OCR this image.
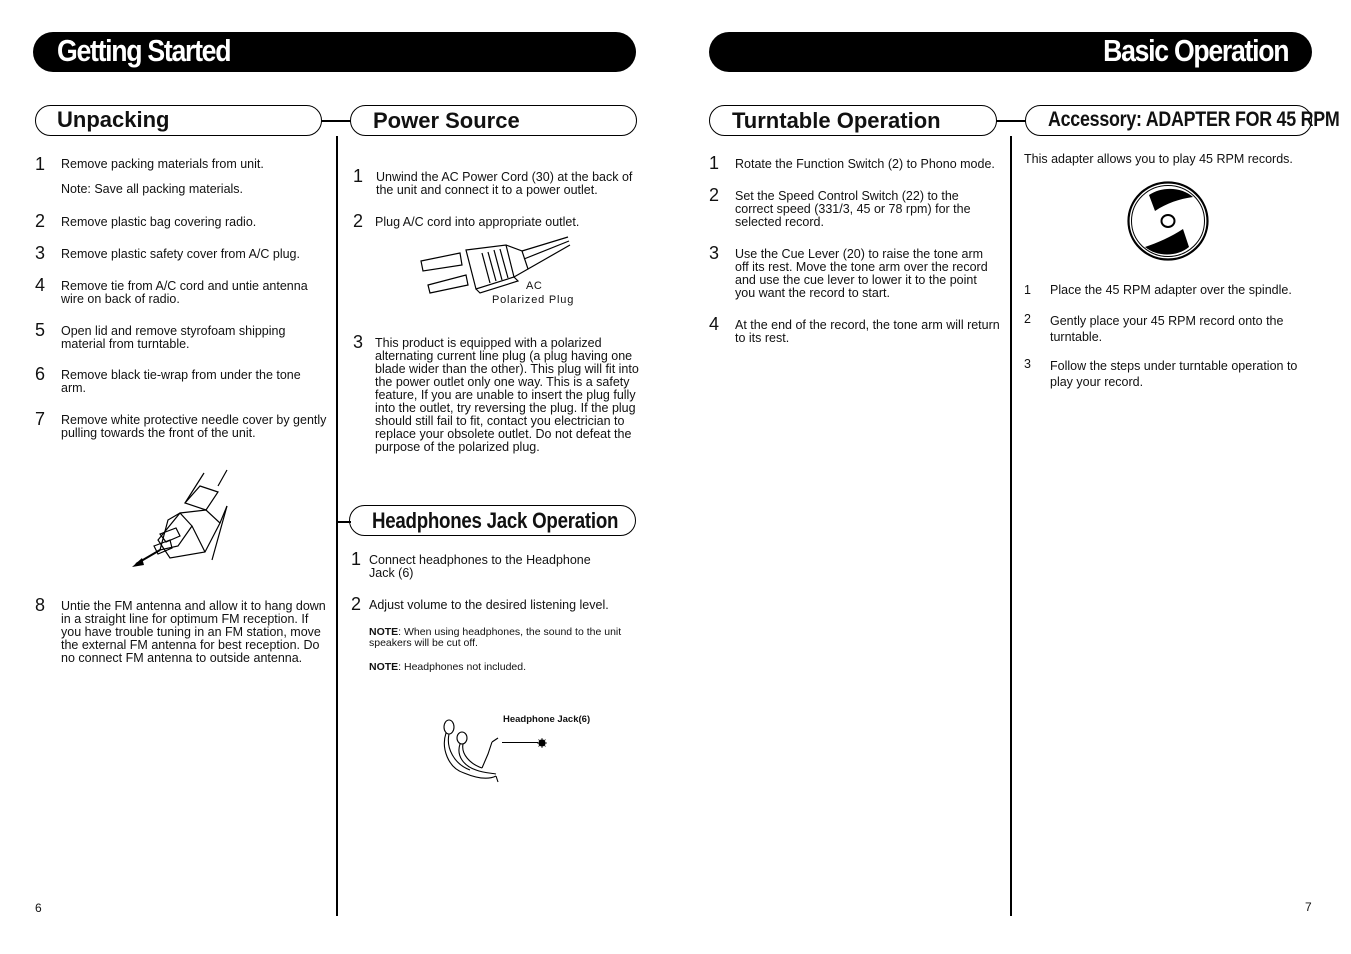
Getting Started
Unpacking
1 Remove packing materials from unit.
Note: Save all packing materials.
2 Remove plastic bag covering radio.
3 Remove plastic safety cover from A/C plug.
4 Remove tie from A/C cord and untie antenna wire on back of radio.
5 Open lid and remove styrofoam shipping material from turntable.
6 Remove black tie-wrap from under the tone arm.
7 Remove white protective needle cover by gently pulling towards the front of the unit.
8 Untie the FM antenna and allow it to hang down in a straight line for optimum FM reception. If you have trouble tuning in an FM station, move the external FM antenna for best reception. Do no connect FM antenna to outside antenna.
6
Power Source
1 Unwind the AC Power Cord (30) at the back of the unit and connect it to a power outlet.
2 Plug A/C cord into appropriate outlet.
AC
Polarized Plug
3 This product is equipped with a polarized alternating current line plug (a plug having one blade wider than the other). This plug will fit into the power outlet only one way. This is a safety feature, If you are unable to insert the plug fully into the outlet, try reversing the plug. If the plug should still fail to fit, contact you electrician to replace your obsolete outlet. Do not defeat the purpose of the polarized plug.
Headphones Jack Operation
1 Connect headphones to the Headphone Jack (6)
2 Adjust volume to the desired listening level.
NOTE: When using headphones, the sound to the unit speakers will be cut off.
NOTE: Headphones not included.
Headphone Jack(6)
Basic Operation
Turntable Operation
1 Rotate the Function Switch (2) to Phono mode.
2 Set the Speed Control Switch (22) to the correct speed (331/3, 45 or 78 rpm) for the selected record.
3 Use the Cue Lever (20) to raise the tone arm off its rest. Move the tone arm over the record and use the cue lever to lower it to the point you want the record to start.
4 At the end of the record, the tone arm will return to its rest.
Accessory: ADAPTER FOR 45 RPM
This adapter allows you to play 45 RPM records.
1 Place the 45 RPM adapter over the spindle.
2 Gently place your 45 RPM record onto the turntable.
3 Follow the steps under turntable operation to play your record.
7
